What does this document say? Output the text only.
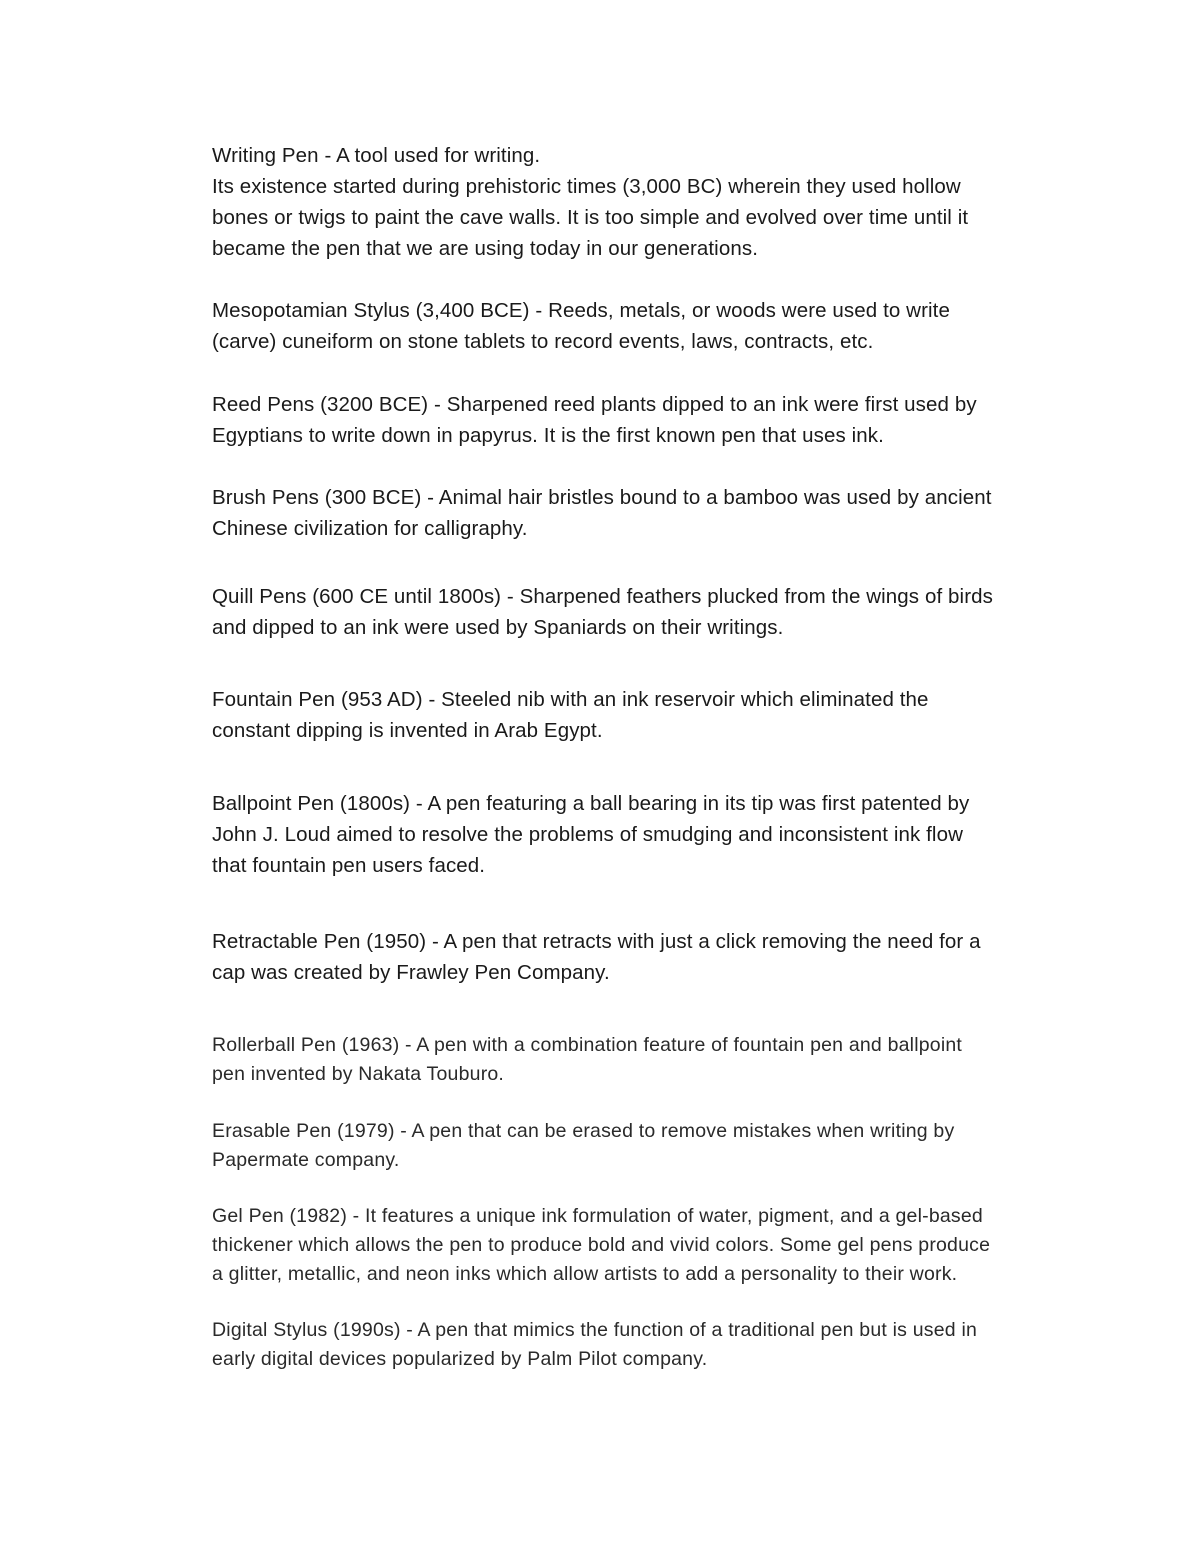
Writing Pen - A tool used for writing.
Its existence started during prehistoric times (3,000 BC) wherein they used hollow
bones or twigs to paint the cave walls. It is too simple and evolved over time until it
became the pen that we are using today in our generations.

Mesopotamian Stylus (3,400 BCE) - Reeds, metals, or woods were used to write
(carve) cuneiform on stone tablets to record events, laws, contracts, etc.

Reed Pens (3200 BCE) - Sharpened reed plants dipped to an ink were first used by
Egyptians to write down in papyrus. It is the first known pen that uses ink.

Brush Pens (300 BCE) - Animal hair bristles bound to a bamboo was used by ancient
Chinese civilization for calligraphy.

Quill Pens (600 CE until 1800s) - Sharpened feathers plucked from the wings of birds
and dipped to an ink were used by Spaniards on their writings.

Fountain Pen (953 AD) - Steeled nib with an ink reservoir which eliminated the
constant dipping is invented in Arab Egypt.

Ballpoint Pen (1800s) - A pen featuring a ball bearing in its tip was first patented by
John J. Loud aimed to resolve the problems of smudging and inconsistent ink flow
that fountain pen users faced.

Retractable Pen (1950) - A pen that retracts with just a click removing the need for a
cap was created by Frawley Pen Company.

Rollerball Pen (1963) - A pen with a combination feature of fountain pen and ballpoint
pen invented by Nakata Touburo.

Erasable Pen (1979) - A pen that can be erased to remove mistakes when writing by
Papermate company.

Gel Pen (1982) - It features a unique ink formulation of water, pigment, and a gel-based
thickener which allows the pen to produce bold and vivid colors. Some gel pens produce
a glitter, metallic, and neon inks which allow artists to add a personality to their work.

Digital Stylus (1990s) - A pen that mimics the function of a traditional pen but is used in
early digital devices popularized by Palm Pilot company.
